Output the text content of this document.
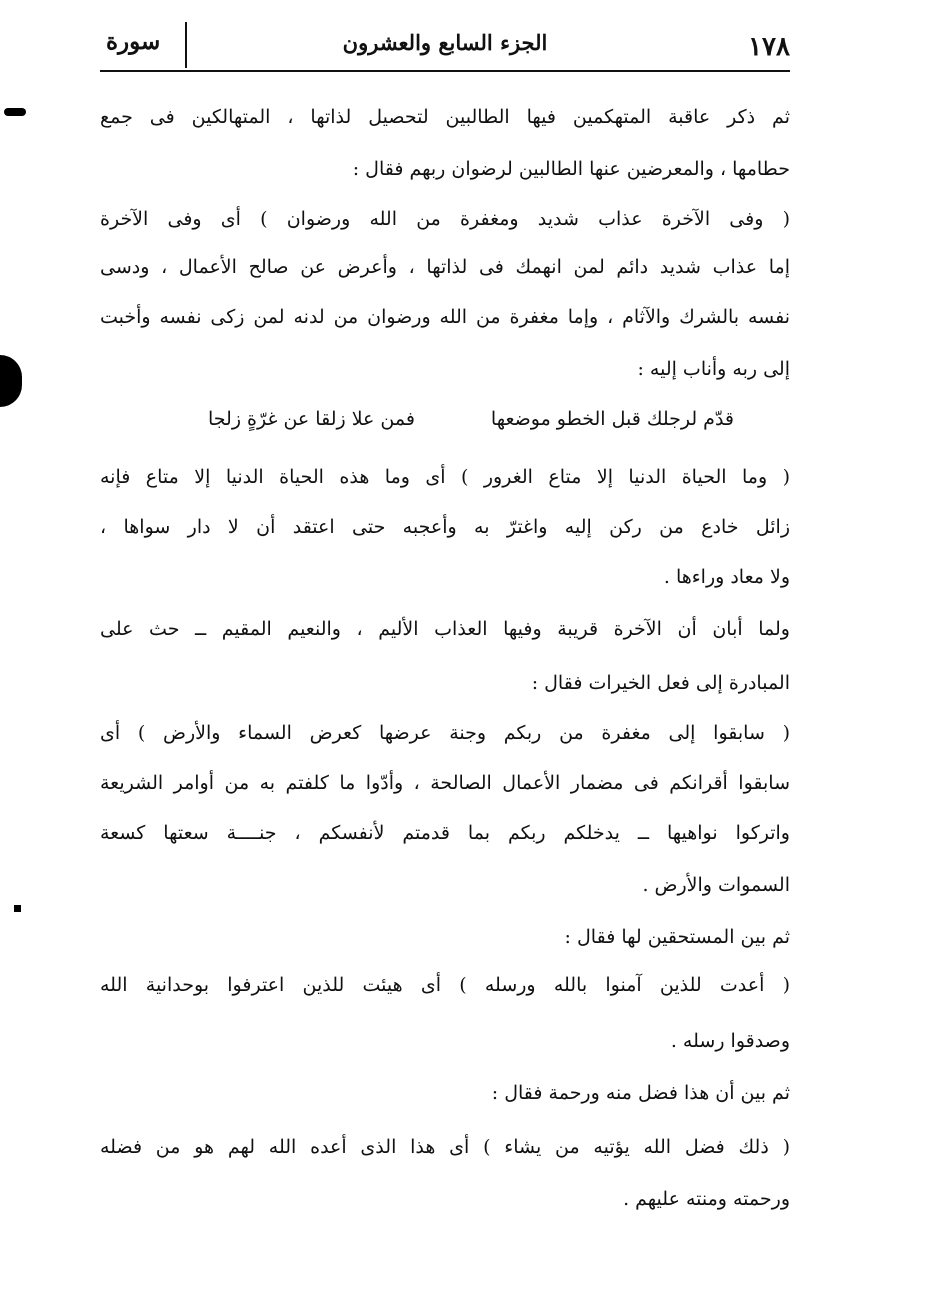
١٧٨
الجزء السابع والعشرون
سورة
ثم ذكر عاقبة المتهكمين فيها الطالبين لتحصيل لذاتها ، المتهالكين فى جمع
حطامها ، والمعرضين عنها الطالبين لرضوان ربهم فقال :
( وفى الآخرة عذاب شديد ومغفرة من الله ورضوان ) أى وفى الآخرة
إما عذاب شديد دائم لمن انهمك فى لذاتها ، وأعرض عن صالح الأعمال ، ودسى
نفسه بالشرك والآثام ، وإما مغفرة من الله ورضوان من لدنه لمن زكى نفسه وأخبت
إلى ربه وأناب إليه :
قدّم لرجلك قبل الخطو موضعها
فمن علا زلقا عن غرّةٍ زلجا
( وما الحياة الدنيا إلا متاع الغرور ) أى وما هذه الحياة الدنيا إلا متاع فإنه
زائل خادع من ركن إليه واغترّ به وأعجبه حتى اعتقد أن لا دار سواها ،
ولا معاد وراءها .
ولما أبان أن الآخرة قريبة وفيها العذاب الأليم ، والنعيم المقيم ــ حث على
المبادرة إلى فعل الخيرات فقال :
( سابقوا إلى مغفرة من ربكم وجنة عرضها كعرض السماء والأرض ) أى
سابقوا أقرانكم فى مضمار الأعمال الصالحة ، وأدّوا ما كلفتم به من أوامر الشريعة
واتركوا نواهيها ــ يدخلكم ربكم بما قدمتم لأنفسكم ، جنــــة سعتها كسعة
السموات والأرض .
ثم بين المستحقين لها فقال :
( أعدت للذين آمنوا بالله ورسله ) أى هيئت للذين اعترفوا بوحدانية الله
وصدقوا رسله .
ثم بين أن هذا فضل منه ورحمة فقال :
( ذلك فضل الله يؤتيه من يشاء ) أى هذا الذى أعده الله لهم هو من فضله
ورحمته ومنته عليهم .
